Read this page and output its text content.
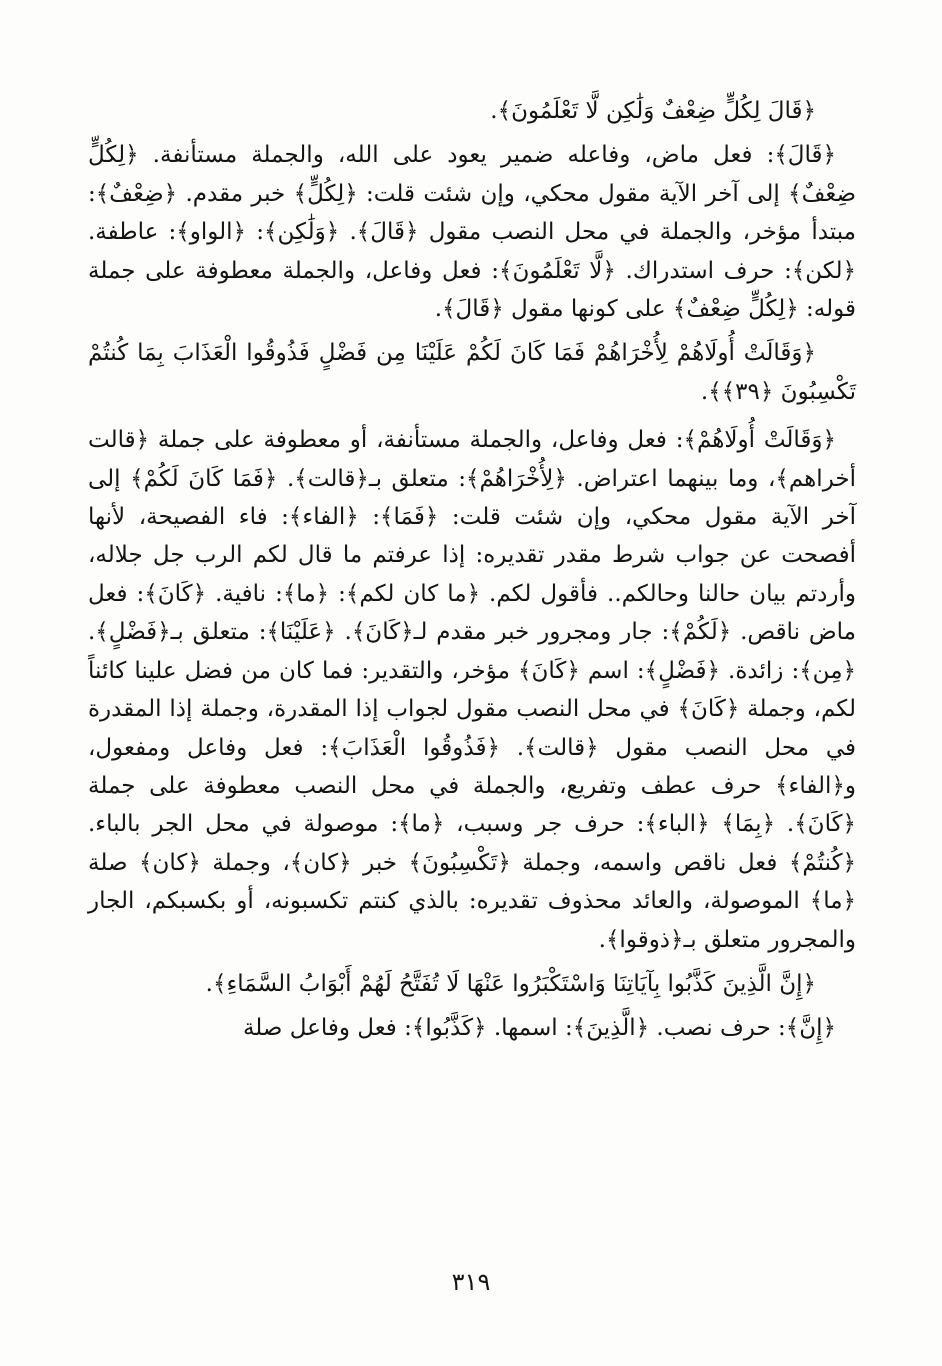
﴿قَالَ لِكُلٍّ ضِعْفٌ وَلَٰكِن لَّا تَعْلَمُونَ﴾.

﴿قَالَ﴾: فعل ماض، وفاعله ضمير يعود على الله، والجملة مستأنفة. ﴿لِكُلٍّ ضِعْفٌ﴾ إلى آخر الآية مقول محكي، وإن شئت قلت: ﴿لِكُلٍّ﴾ خبر مقدم. ﴿ضِعْفٌ﴾: مبتدأ مؤخر، والجملة في محل النصب مقول ﴿قَالَ﴾. ﴿وَلَٰكِن﴾: ﴿الواو﴾: عاطفة. ﴿لكن﴾: حرف استدراك. ﴿لَّا تَعْلَمُونَ﴾: فعل وفاعل، والجملة معطوفة على جملة قوله: ﴿لِكُلٍّ ضِعْفٌ﴾ على كونها مقول ﴿قَالَ﴾.

﴿وَقَالَتْ أُولَاهُمْ لِأُخْرَاهُمْ فَمَا كَانَ لَكُمْ عَلَيْنَا مِن فَضْلٍ فَذُوقُوا الْعَذَابَ بِمَا كُنتُمْ تَكْسِبُونَ ﴿٣٩﴾﴾.

﴿وَقَالَتْ أُولَاهُمْ﴾: فعل وفاعل، والجملة مستأنفة، أو معطوفة على جملة ﴿قالت أخراهم﴾، وما بينهما اعتراض. ﴿لِأُخْرَاهُمْ﴾: متعلق بـ﴿قالت﴾. ﴿فَمَا كَانَ لَكُمْ﴾ إلى آخر الآية مقول محكي، وإن شئت قلت: ﴿فَمَا﴾: ﴿الفاء﴾: فاء الفصيحة، لأنها أفصحت عن جواب شرط مقدر تقديره: إذا عرفتم ما قال لكم الرب جل جلاله، وأردتم بيان حالنا وحالكم.. فأقول لكم. ﴿ما كان لكم﴾: ﴿ما﴾: نافية. ﴿كَانَ﴾: فعل ماض ناقص. ﴿لَكُمْ﴾: جار ومجرور خبر مقدم لـ﴿كَانَ﴾. ﴿عَلَيْنَا﴾: متعلق بـ﴿فَضْلٍ﴾. ﴿مِن﴾: زائدة. ﴿فَضْلٍ﴾: اسم ﴿كَانَ﴾ مؤخر، والتقدير: فما كان من فضل علينا كائناً لكم، وجملة ﴿كَانَ﴾ في محل النصب مقول لجواب إذا المقدرة، وجملة إذا المقدرة في محل النصب مقول ﴿قالت﴾. ﴿فَذُوقُوا الْعَذَابَ﴾: فعل وفاعل ومفعول، و﴿الفاء﴾ حرف عطف وتفريع، والجملة في محل النصب معطوفة على جملة ﴿كَانَ﴾. ﴿بِمَا﴾ ﴿الباء﴾: حرف جر وسبب، ﴿ما﴾: موصولة في محل الجر بالباء. ﴿كُنتُمْ﴾ فعل ناقص واسمه، وجملة ﴿تَكْسِبُونَ﴾ خبر ﴿كان﴾، وجملة ﴿كان﴾ صلة ﴿ما﴾ الموصولة، والعائد محذوف تقديره: بالذي كنتم تكسبونه، أو بكسبكم، الجار والمجرور متعلق بـ﴿ذوقوا﴾.

﴿إِنَّ الَّذِينَ كَذَّبُوا بِآيَاتِنَا وَاسْتَكْبَرُوا عَنْهَا لَا تُفَتَّحُ لَهُمْ أَبْوَابُ السَّمَاءِ﴾.

﴿إِنَّ﴾: حرف نصب. ﴿الَّذِينَ﴾: اسمها. ﴿كَذَّبُوا﴾: فعل وفاعل صلة

٣١٩
